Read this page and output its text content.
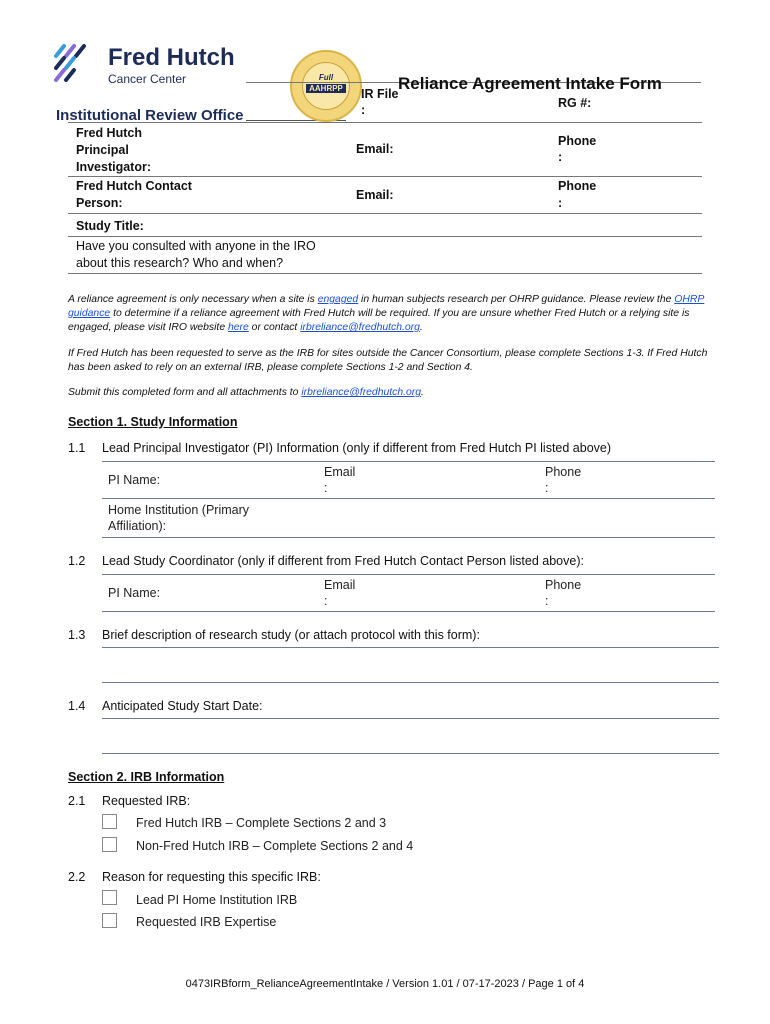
Fred Hutch
Cancer Center
Institutional Review Office
Full
AAHRPP	Reliance Agreement Intake Form
IR File
:	RG #:
Fred Hutch Principal Investigator:
Email:
Phone
:
Fred Hutch Contact Person:
Email:
Phone
:
Study Title:
Have you consulted with anyone in the IRO about this research? Who and when?
A reliance agreement is only necessary when a site is engaged in human subjects research per OHRP guidance. Please review the OHRP guidance to determine if a reliance agreement with Fred Hutch will be required. If you are unsure whether Fred Hutch or a relying site is engaged, please visit IRO website here or contact irbreliance@fredhutch.org.
If Fred Hutch has been requested to serve as the IRB for sites outside the Cancer Consortium, please complete Sections 1-3. If Fred Hutch has been asked to rely on an external IRB, please complete Sections 1-2 and Section 4.
Submit this completed form and all attachments to irbreliance@fredhutch.org.
Section 1. Study Information
1.1 Lead Principal Investigator (PI) Information (only if different from Fred Hutch PI listed above)
PI Name:
Email
:
Phone
:
Home Institution (Primary Affiliation):
1.2 Lead Study Coordinator (only if different from Fred Hutch Contact Person listed above):
PI Name:
Email
:
Phone
:
1.3 Brief description of research study (or attach protocol with this form):
1.4 Anticipated Study Start Date:
Section 2. IRB Information
2.1 Requested IRB:
Fred Hutch IRB – Complete Sections 2 and 3
Non-Fred Hutch IRB – Complete Sections 2 and 4
2.2 Reason for requesting this specific IRB:
Lead PI Home Institution IRB
Requested IRB Expertise
0473IRBform_RelianceAgreementIntake / Version 1.01 / 07-17-2023 / Page 1 of 4
